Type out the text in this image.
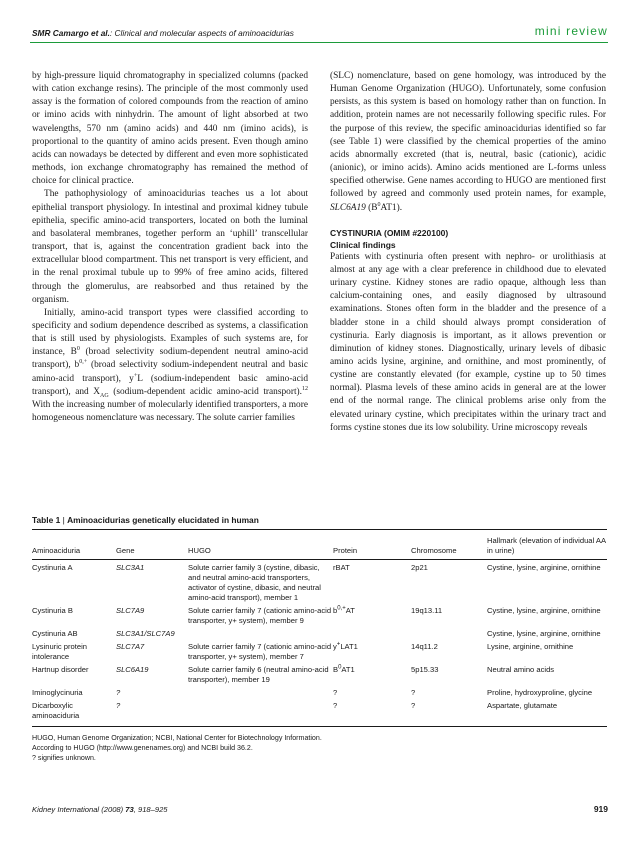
SMR Camargo et al.: Clinical and molecular aspects of aminoacidurias	mini review

by high-pressure liquid chromatography in specialized columns (packed with cation exchange resins). The principle of the most commonly used assay is the formation of colored compounds from the reaction of amino or imino acids with ninhydrin. The amount of light absorbed at two wavelengths, 570 nm (amino acids) and 440 nm (imino acids), is proportional to the quantity of amino acids present. Even though amino acids can nowadays be detected by different and even more sophisticated methods, ion exchange chromatography has remained the method of choice for clinical practice.

The pathophysiology of aminoacidurias teaches us a lot about epithelial transport physiology. In intestinal and proximal kidney tubule epithelia, specific amino-acid transporters, located on both the luminal and basolateral membranes, together perform an ‘uphill’ transcellular transport, that is, against the concentration gradient back into the extracellular blood compartment. This net transport is very efficient, and in the renal proximal tubule up to 99% of free amino acids, filtered through the glomerulus, are reabsorbed and thus retained by the organism.

Initially, amino-acid transport types were classified according to specificity and sodium dependence described as systems, a classification that is still used by physiologists. Examples of such systems are, for instance, $B^0$ (broad selectivity sodium-dependent neutral amino-acid transport), $b^{0,+}$ (broad selectivity sodium-independent neutral and basic amino-acid transport), y+L (sodium-independent basic amino-acid transport), and $X_{AG}$ (sodium-dependent acidic amino-acid transport).$^{12}$ With the increasing number of molecularly identified transporters, a more homogeneous nomenclature was necessary. The solute carrier families

(SLC) nomenclature, based on gene homology, was introduced by the Human Genome Organization (HUGO). Unfortunately, some confusion persists, as this system is based on homology rather than on function. In addition, protein names are not necessarily following specific rules. For the purpose of this review, the specific aminoacidurias identified so far (see Table 1) were classified by the chemical properties of the amino acids abnormally excreted (that is, neutral, basic (cationic), acidic (anionic), or imino acids). Amino acids mentioned are L-forms unless specified otherwise. Gene names according to HUGO are mentioned first followed by agreed and commonly used protein names, for example, SLC6A19 $(B^0AT1)$.

CYSTINURIA (OMIM #220100)

Clinical findings

Patients with cystinuria often present with nephro- or urolithiasis at almost at any age with a clear preference in childhood due to elevated urinary cystine. Kidney stones are radio opaque, although less than calcium-containing ones, and easily diagnosed by ultrasound examinations. Stones often form in the bladder and the presence of a bladder stone in a child should always prompt consideration of cystinuria. Early diagnosis is important, as it allows prevention or diminution of kidney stones. Diagnostically, urinary levels of dibasic amino acids lysine, arginine, and ornithine, and most prominently, of cystine are constantly elevated (for example, cystine up to 50 times normal). Plasma levels of these amino acids in general are at the lower end of the normal range. The clinical problems arise only from the elevated urinary cystine, which precipitates within the urinary tract and forms cystine stones due its low solubility. Urine microscopy reveals

Table 1 | Aminoacidurias genetically elucidated in human
Aminoaciduria	Gene	HUGO	Protein	Chromosome	Hallmark (elevation of individual AA in urine)

Cystinuria A	SLC3A1	Solute carrier family 3 (cystine, dibasic, and neutral amino-acid transporters, activator of cystine, dibasic, and neutral amino-acid transport), member 1	rBAT	2p21	Cystine, lysine, arginine, ornithine
Cystinuria B	SLC7A9	Solute carrier family 7 (cationic amino-acid transporter, y+ system), member 9	$b^{0,+}AT$	19q13.11	Cystine, lysine, arginine, ornithine
Cystinuria AB	SLC3A1/SLC7A9				Cystine, lysine, arginine, ornithine
Lysinuric protein intolerance	SLC7A7	Solute carrier family 7 (cationic amino-acid transporter, y+ system), member 7	y+LAT1	14q11.2	Lysine, arginine, ornithine
Hartnup disorder	SLC6A19	Solute carrier family 6 (neutral amino-acid transporter), member 19	$B^0AT1$	5p15.33	Neutral amino acids
Iminoglycinuria	?		?	?	Proline, hydroxyproline, glycine
Dicarboxylic aminoaciduria	?		?	?	Aspartate, glutamate
HUGO, Human Genome Organization; NCBI, National Center for Biotechnology Information.
According to HUGO (http://www.genenames.org) and NCBI build 36.2.
? signifies unknown.
Kidney International (2008) 73, 918–925	919
